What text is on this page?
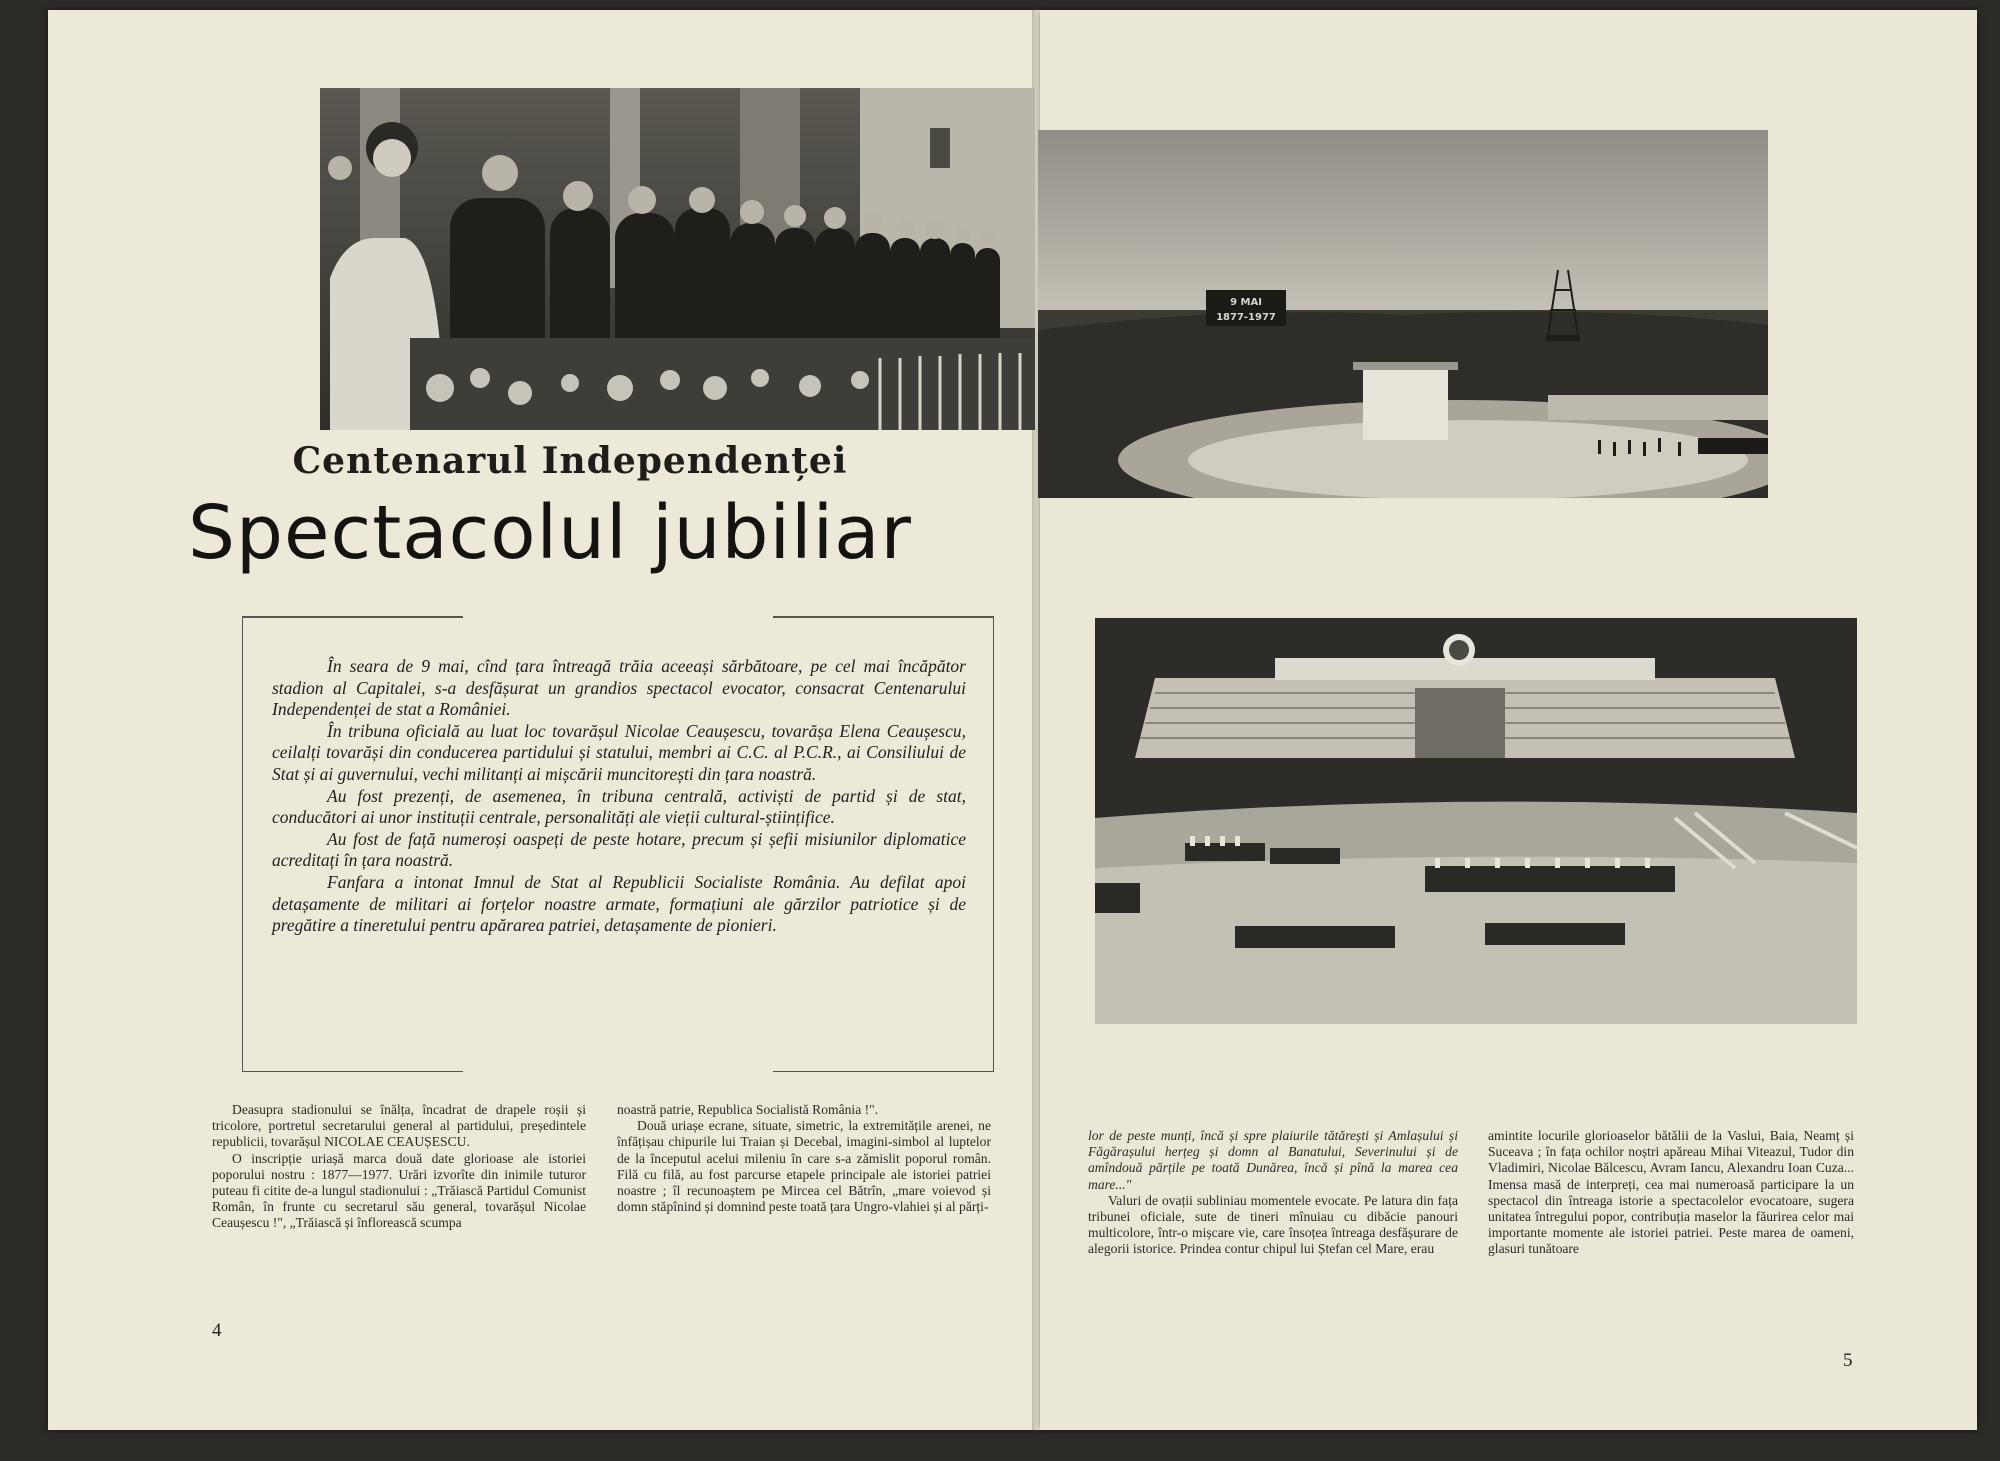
9 MAI
1877-1977
Centenarul Independenței
Spectacolul jubiliar

În seara de 9 mai, cînd țara întreagă trăia aceeași sărbătoare, pe cel mai încăpător stadion al Capitalei, s-a desfășurat un grandios spectacol evocator, consacrat Centenarului Independenței de stat a României.

În tribuna oficială au luat loc tovarășul Nicolae Ceaușescu, tovarășa Elena Ceaușescu, ceilalți tovarăși din conducerea partidului și statului, membri ai C.C. al P.C.R., ai Consiliului de Stat și ai guvernului, vechi militanți ai mișcării muncitorești din țara noastră.

Au fost prezenți, de asemenea, în tribuna centrală, activiști de partid și de stat, conducători ai unor instituții centrale, personalități ale vieții cultural-științifice.

Au fost de față numeroși oaspeți de peste hotare, precum și șefii misiunilor diplomatice acreditați în țara noastră.

Fanfara a intonat Imnul de Stat al Republicii Socialiste România. Au defilat apoi detașamente de militari ai forțelor noastre armate, formațiuni ale gărzilor patriotice și de pregătire a tineretului pentru apărarea patriei, detașamente de pionieri.

Deasupra stadionului se înălța, încadrat de drapele roșii și tricolore, portretul secretarului general al partidului, președintele republicii, tovarășul NICOLAE CEAUȘESCU.

O inscripție uriașă marca două date glorioase ale istoriei poporului nostru : 1877—1977. Urări izvorîte din inimile tuturor puteau fi citite de-a lungul stadionului : „Trăiască Partidul Comunist Român, în frunte cu secretarul său general, tovarășul Nicolae Ceaușescu !", „Trăiască și înflorească scumpa

noastră patrie, Republica Socialistă România !".

Două uriașe ecrane, situate, simetric, la extremitățile arenei, ne înfățișau chipurile lui Traian și Decebal, imagini-simbol al luptelor de la începutul acelui mileniu în care s-a zămislit poporul român. Filă cu filă, au fost parcurse etapele principale ale istoriei patriei noastre ; îl recunoaștem pe Mircea cel Bătrîn, „mare voievod și domn stăpînind și domnind peste toată țara Ungro-vlahiei și al părți-

4

lor de peste munți, încă și spre plaiurile tătărești și Amlașului și Făgărașului herțeg și domn al Banatului, Severinului și de amîndouă părțile pe toată Dunărea, încă și pînă la marea cea mare..."

Valuri de ovații subliniau momentele evocate. Pe latura din fața tribunei oficiale, sute de tineri mînuiau cu dibăcie panouri multicolore, într-o mișcare vie, care însoțea întreaga desfășurare de alegorii istorice. Prindea contur chipul lui Ștefan cel Mare, erau

amintite locurile glorioaselor bătălii de la Vaslui, Baia, Neamț și Suceava ; în fața ochilor noștri apăreau Mihai Viteazul, Tudor din Vladimiri, Nicolae Bălcescu, Avram Iancu, Alexandru Ioan Cuza... Imensa masă de interpreți, cea mai numeroasă participare la un spectacol din întreaga istorie a spectacolelor evocatoare, sugera unitatea întregului popor, contribuția maselor la făurirea celor mai importante momente ale istoriei patriei. Peste marea de oameni, glasuri tunătoare

5
